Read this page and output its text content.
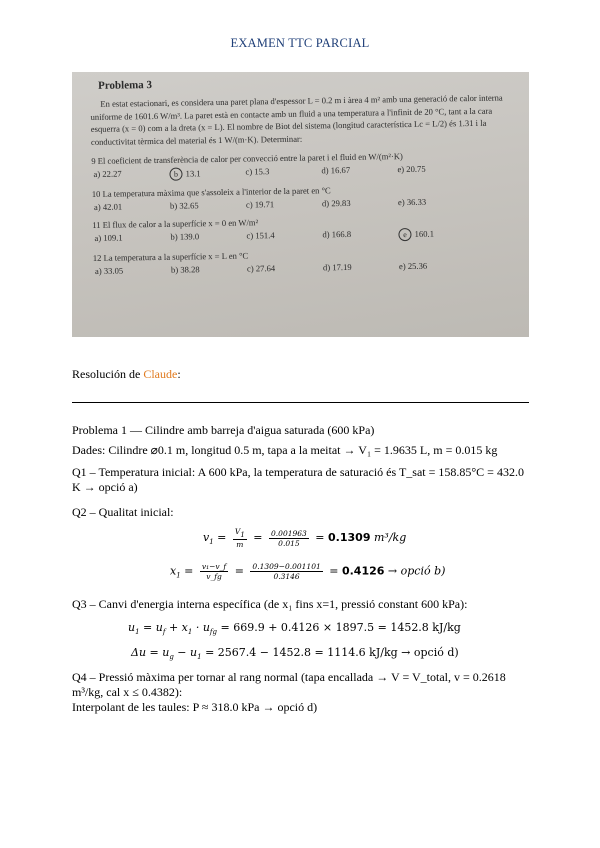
EXAMEN TTC PARCIAL
Problema 3
En estat estacionari, es considera una paret plana d'espessor L = 0.2 m i àrea 4 m² amb una generació de calor interna uniforme de 1601.6 W/m³. La paret està en contacte amb un fluid a una temperatura a l'infinit de 20 °C, tant a la cara esquerra (x = 0) com a la dreta (x = L). El nombre de Biot del sistema (longitud característica Lc = L/2) és 1.31 i la conductivitat tèrmica del material és 1 W/(m·K). Determinar:
9 El coeficient de transferència de calor per convecció entre la paret i el fluid en W/(m²·K)
a) 22.27	b 13.1	c) 15.3	d) 16.67	e) 20.75
10 La temperatura màxima que s'assoleix a l'interior de la paret en °C
a) 42.01	b) 32.65	c) 19.71	d) 29.83	e) 36.33
11 El flux de calor a la superfície x = 0 en W/m²
a) 109.1	b) 139.0	c) 151.4	d) 166.8	e 160.1
12 La temperatura a la superfície x = L en °C
a) 33.05	b) 38.28	c) 27.64	d) 17.19	e) 25.36
Resolución de Claude:
Problema 1 — Cilindre amb barreja d'aigua saturada (600 kPa)
Dades: Cilindre ⌀0.1 m, longitud 0.5 m, tapa a la meitat → V₁ = 1.9635 L, m = 0.015 kg
Q1 – Temperatura inicial: A 600 kPa, la temperatura de saturació és T_sat = 158.85°C = 432.0 K → opció a)
Q2 – Qualitat inicial:
$v_1 = \frac{V1}{m} = \frac{0.001963}{0.015} = 0.1309$ m³/kg
$x_1 = \frac{\text{v₁−v\_f}}{v\_fg} = \frac{0.1309-0.001101}{0.3146} = 0.4126$ → opció b)
Q3 – Canvi d'energia interna específica (de x₁ fins x=1, pressió constant 600 kPa):
$u_1 = u_f + x_1 \cdot u_{fg} = 669.9 + 0.4126 \times 1897.5 = 1452.8$ kJ/kg
$\Delta u = u_g - u_1 = 2567.4 - 1452.8 = 1114.6$ kJ/kg → opció d)
Q4 – Pressió màxima per tornar al rang normal (tapa encallada → V = V_total, v = 0.2618 m³/kg, cal x ≤ 0.4382):
Interpolant de les taules: P ≈ 318.0 kPa → opció d)
